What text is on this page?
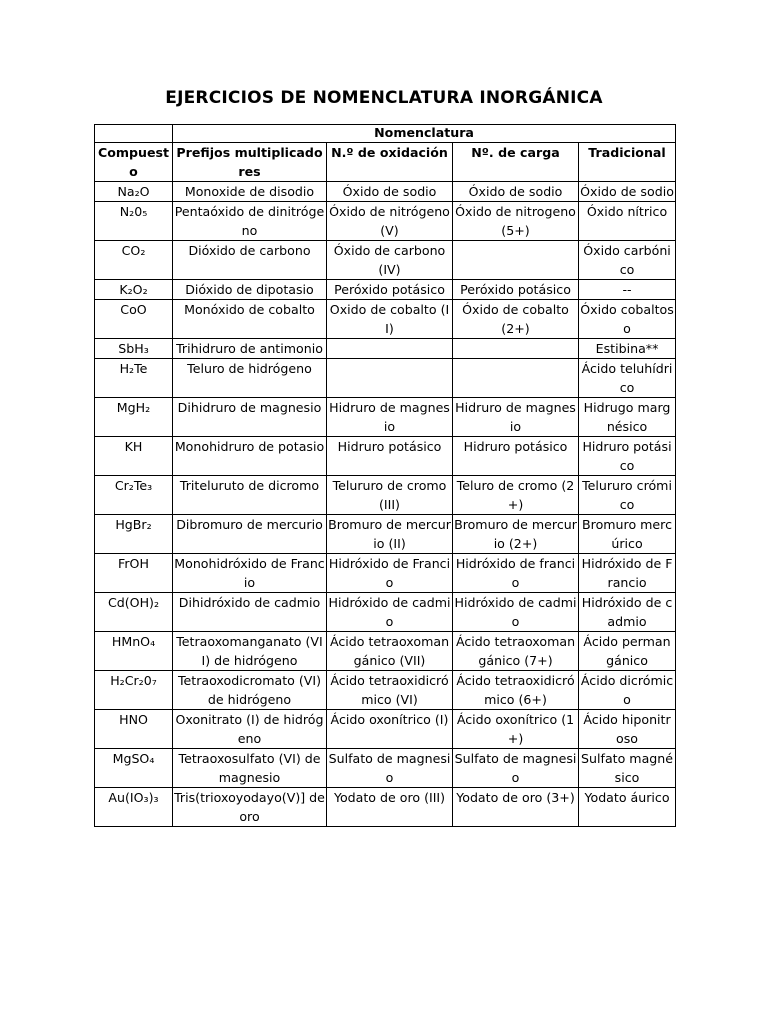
EJERCICIOS DE NOMENCLATURA INORGÁNICA
	Nomenclatura			
Compuesto	Prefijos multiplicadores	N.º de oxidación	Nº. de carga	Tradicional
Na₂O	Monoxide de disodio	Óxido de sodio	Óxido de sodio	Óxido de sodio
N₂0₅	Pentaóxido de dinitrógeno	Óxido de nitrógeno (V)	Óxido de nitrogeno (5+)	Óxido nítrico
CO₂	Dióxido de carbono	Óxido de carbono (IV)		Óxido carbónico
K₂O₂	Dióxido de dipotasio	Peróxido potásico	Peróxido potásico	--
CoO	Monóxido de cobalto	Oxido de cobalto (II)	Óxido de cobalto (2+)	Óxido cobaltoso
SbH₃	Trihidruro de antimonio			Estibina**
H₂Te	Teluro de hidrógeno			Ácido teluhídrico
MgH₂	Dihidruro de magnesio	Hidruro de magnesio	Hidruro de magnesio	Hidrugo margnésico
KH	Monohidruro de potasio	Hidruro potásico	Hidruro potásico	Hidruro potásico
Cr₂Te₃	Triteluruto de dicromo	Telururo de cromo (III)	Teluro de cromo (2+)	Telururo crómico
HgBr₂	Dibromuro de mercurio	Bromuro de mercurio (II)	Bromuro de mercurio (2+)	Bromuro mercúrico
FrOH	Monohidróxido de Francio	Hidróxido de Francio	Hidróxido de francio	Hidróxido de Francio
Cd(OH)₂	Dihidróxido de cadmio	Hidróxido de cadmio	Hidróxido de cadmio	Hidróxido de cadmio
HMnO₄	Tetraoxomanganato (VII) de hidrógeno	Ácido tetraoxomangánico (VII)	Ácido tetraoxomangánico (7+)	Ácido permangánico
H₂Cr₂0₇	Tetraoxodicromato (VI) de hidrógeno	Ácido tetraoxidicrómico (VI)	Ácido tetraoxidicrómico (6+)	Ácido dicrómico
HNO	Oxonitrato (I) de hidrógeno	Ácido oxonítrico (I)	Ácido oxonítrico (1+)	Ácido hiponitroso
MgSO₄	Tetraoxosulfato (VI) de magnesio	Sulfato de magnesio	Sulfato de magnesio	Sulfato magnésico
Au(IO₃)₃	Tris(trioxoyodayo(V)] de oro	Yodato de oro (III)	Yodato de oro (3+)	Yodato áurico
